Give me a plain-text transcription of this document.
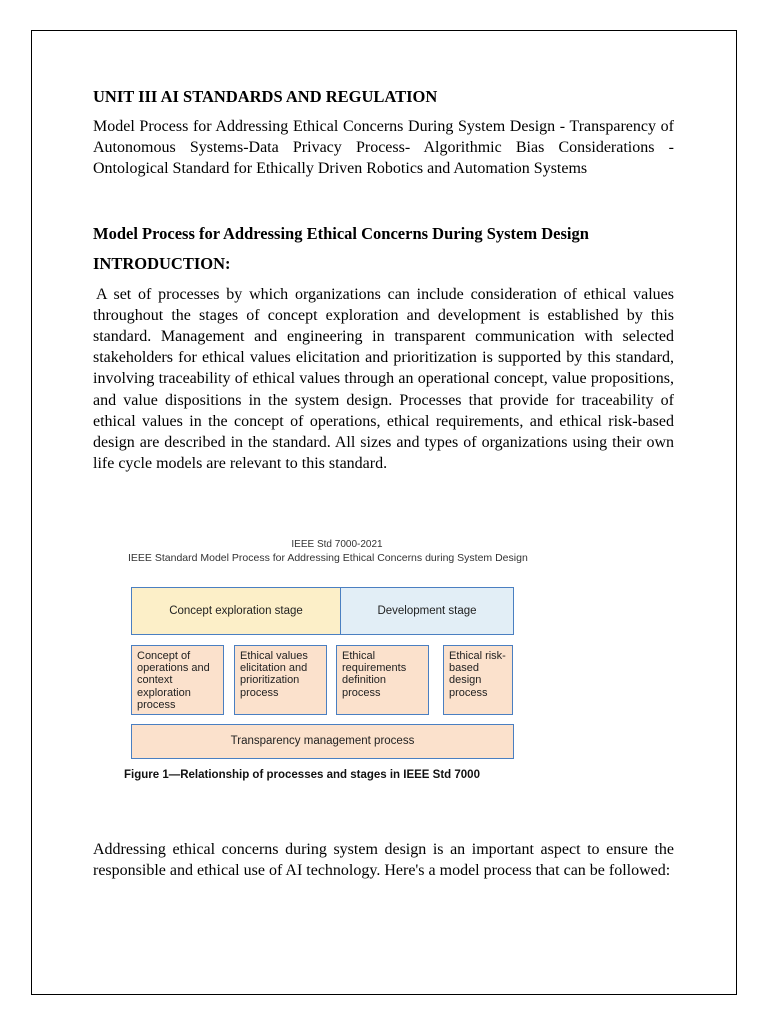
UNIT III AI STANDARDS AND REGULATION

Model Process for Addressing Ethical Concerns During System Design - Transparency of Autonomous Systems-Data Privacy Process- Algorithmic Bias Considerations - Ontological Standard for Ethically Driven Robotics and Automation Systems

Model Process for Addressing Ethical Concerns During System Design

INTRODUCTION:

A set of processes by which organizations can include consideration of ethical values throughout the stages of concept exploration and development is established by this standard. Management and engineering in transparent communication with selected stakeholders for ethical values elicitation and prioritization is supported by this standard, involving traceability of ethical values through an operational concept, value propositions, and value dispositions in the system design. Processes that provide for traceability of ethical values in the concept of operations, ethical requirements, and ethical risk-based design are described in the standard. All sizes and types of organizations using their own life cycle models are relevant to this standard.

IEEE Std 7000-2021
IEEE Standard Model Process for Addressing Ethical Concerns during System Design
Concept exploration stage	Development stage
Concept of operations and context exploration process
Ethical values elicitation and prioritization process
Ethical requirements definition process
Ethical risk-based design process
Transparency management process
Figure 1—Relationship of processes and stages in IEEE Std 7000

Addressing ethical concerns during system design is an important aspect to ensure the responsible and ethical use of AI technology. Here's a model process that can be followed:
